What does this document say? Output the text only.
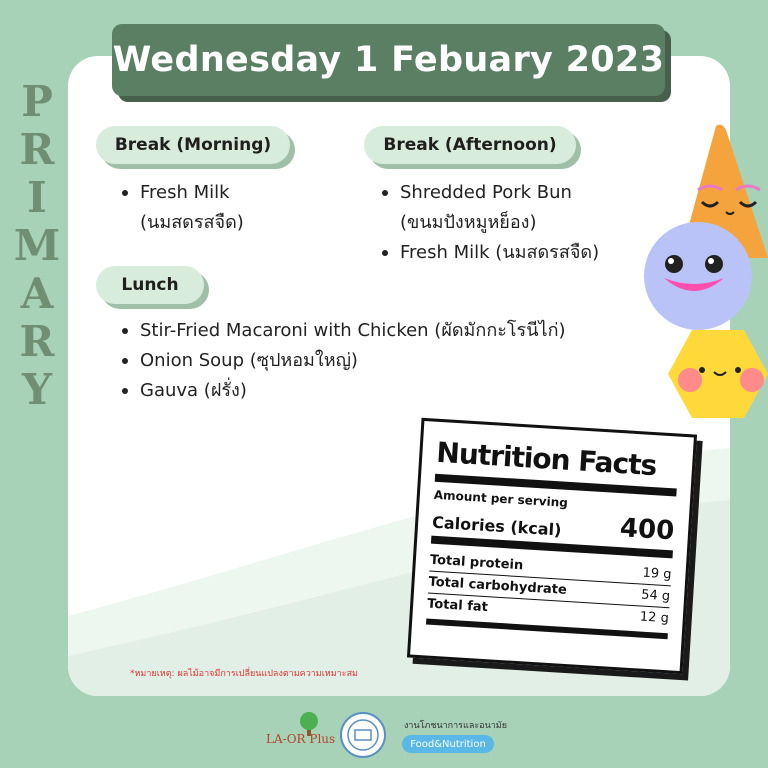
P
R
I
M
A
R
Y
Wednesday 1 Febuary 2023
Break (Morning)
Fresh Milk
(นมสดรสจืด)
Break (Afternoon)
Shredded Pork Bun
(ขนมปังหมูหย็อง)
Fresh Milk (นมสดรสจืด)
Lunch
Stir-Fried Macaroni with Chicken (ผัดมักกะโรนีไก่)
Onion Soup (ซุปหอมใหญ่)
Gauva (ฝรั่ง)
Nutrition Facts
Amount per serving
Calories (kcal) 400
Total protein
19 g
Total carbohydrate	54 g
Total fat
12 g
*หมายเหตุ: ผลไม้อาจมีการเปลี่ยนแปลงตามความเหมาะสม
LA-OR Plus
งานโภชนาการและอนามัย
Food&Nutrition
